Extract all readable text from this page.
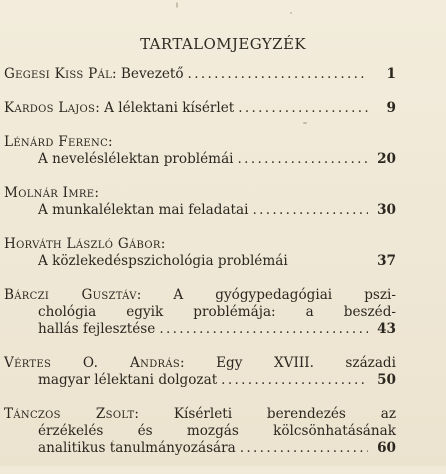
TARTALOMJEGYZÉK
Gegesi Kiss Pál : Bevezető . . .	1
Kardos Lajos : A lélektani kísérlet . . .	9
Lénárd Ferenc :
A neveléslélektan problémái . . .	20
Molnár Imre :
A munkalélektan mai feladatai . . .	30
Horváth László Gábor :
A közlekedéspszichológia problémái	37
Bárczi Gusztáv: A gyógypedagógiai pszi-
chológia egyik problémája: a beszéd-
hallás fejlesztése . . .	43
Vértes O. András: Egy XVIII. századi
magyar lélektani dolgozat . . .	50
Tánczos Zsolt: Kísérleti berendezés az
érzékelés és mozgás kölcsönhatásának
analitikus tanulmányozására . . .	60
